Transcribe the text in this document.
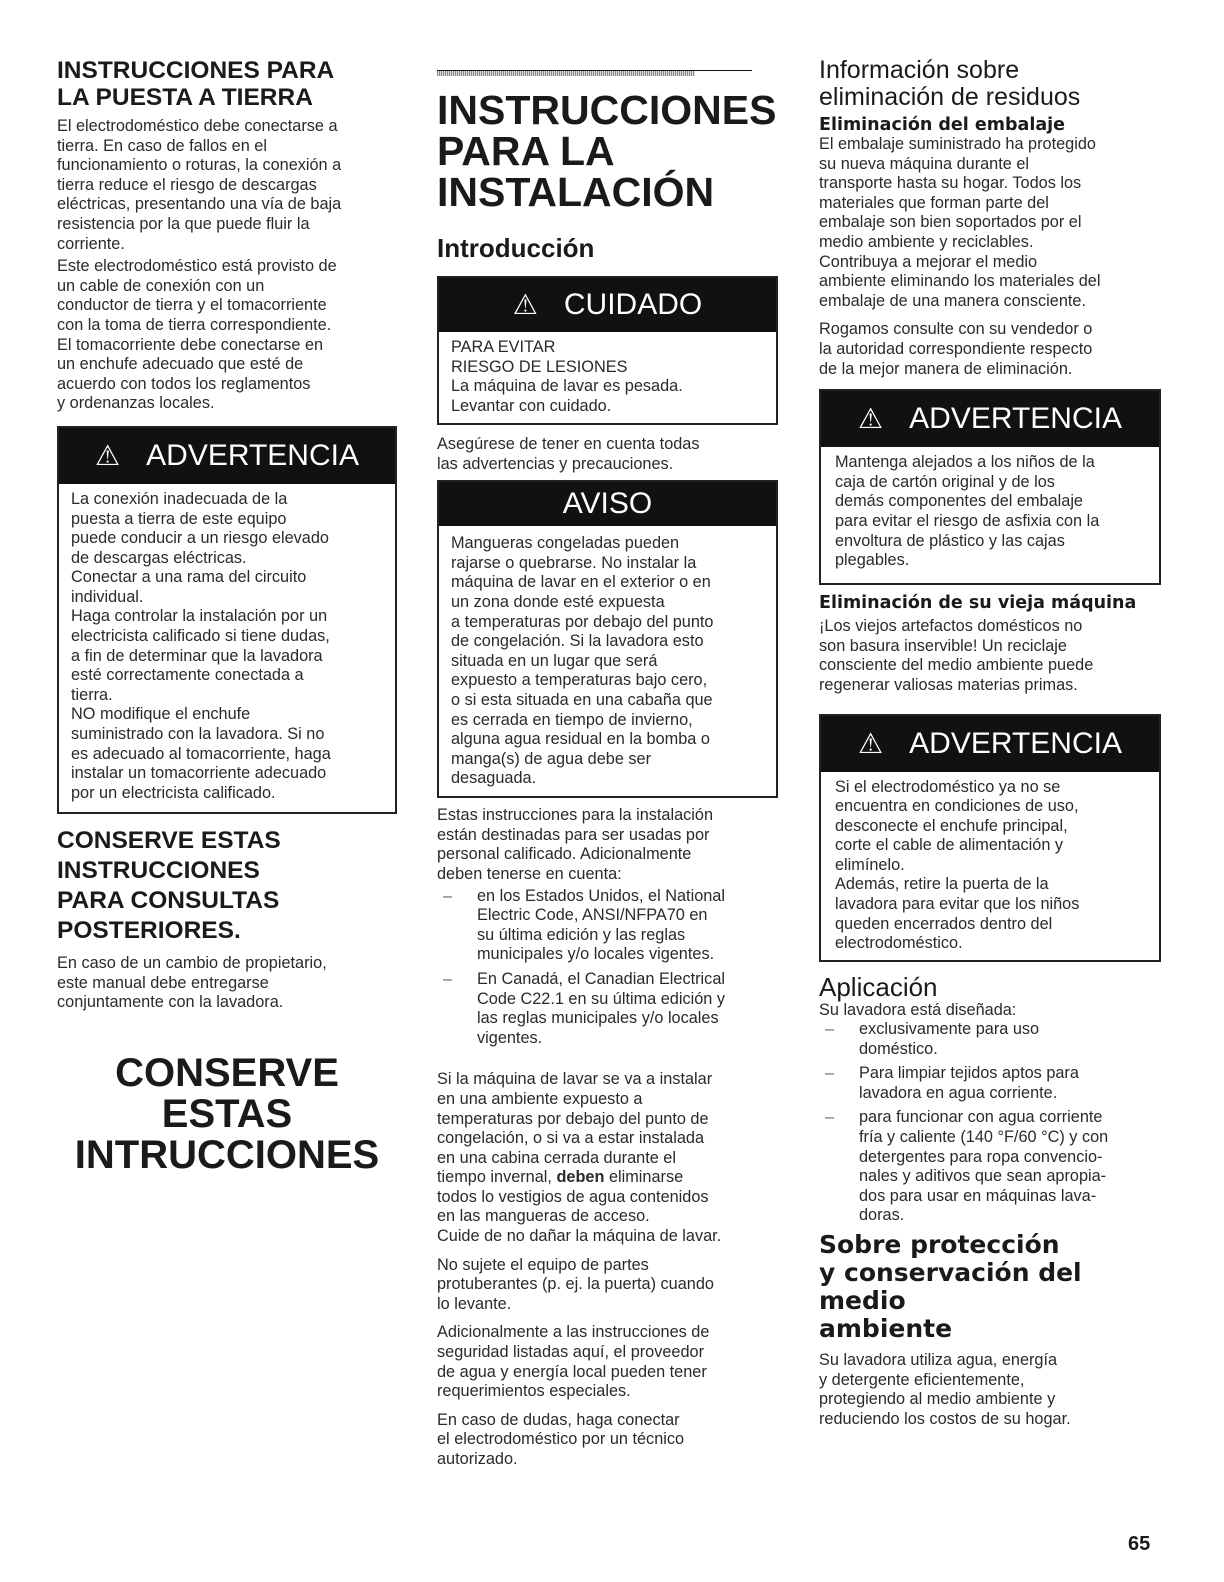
INSTRUCCIONES PARA
LA PUESTA A TIERRA

El electrodoméstico debe conectarse a
tierra. En caso de fallos en el
funcionamiento o roturas, la conexión a
tierra reduce el riesgo de descargas
eléctricas, presentando una vía de baja
resistencia por la que puede fluir la
corriente.

Este electrodoméstico está provisto de
un cable de conexión con un
conductor de tierra y el tomacorriente
con la toma de tierra correspondiente.
El tomacorriente debe conectarse en
un enchufe adecuado que esté de
acuerdo con todos los reglamentos
y ordenanzas locales.

⚠ ADVERTENCIA
La conexión inadecuada de la
puesta a tierra de este equipo
puede conducir a un riesgo elevado
de descargas eléctricas.
Conectar a una rama del circuito
individual.
Haga controlar la instalación por un
electricista calificado si tiene dudas,
a fin de determinar que la lavadora
esté correctamente conectada a
tierra.
NO modifique el enchufe
suministrado con la lavadora. Si no
es adecuado al tomacorriente, haga
instalar un tomacorriente adecuado
por un electricista calificado.
CONSERVE ESTAS
INSTRUCCIONES
PARA CONSULTAS
POSTERIORES.

En caso de un cambio de propietario,
este manual debe entregarse
conjuntamente con la lavadora.

CONSERVE
ESTAS
INTRUCCIONES

INSTRUCCIONES
PARA LA
INSTALACIÓN
Introducción
⚠ CUIDADO
PARA EVITAR
RIESGO DE LESIONES
La máquina de lavar es pesada.
Levantar con cuidado.

Asegúrese de tener en cuenta todas
las advertencias y precauciones.

AVISO
Mangueras congeladas pueden
rajarse o quebrarse. No instalar la
máquina de lavar en el exterior o en
un zona donde esté expuesta
a temperaturas por debajo del punto
de congelación. Si la lavadora esto
situada en un lugar que será
expuesto a temperaturas bajo cero,
o si esta situada en una cabaña que
es cerrada en tiempo de invierno,
alguna agua residual en la bomba o
manga(s) de agua debe ser
desaguada.

Estas instrucciones para la instalación
están destinadas para ser usadas por
personal calificado. Adicionalmente
deben tenerse en cuenta:

– en los Estados Unidos, el National
Electric Code, ANSI/NFPA70 en
su última edición y las reglas
municipales y/o locales vigentes.
– En Canadá, el Canadian Electrical
Code C22.1 en su última edición y
las reglas municipales y/o locales
vigentes.

Si la máquina de lavar se va a instalar
en una ambiente expuesto a
temperaturas por debajo del punto de
congelación, o si va a estar instalada
en una cabina cerrada durante el
tiempo invernal, deben eliminarse
todos lo vestigios de agua contenidos
en las mangueras de acceso.

Cuide de no dañar la máquina de lavar.

No sujete el equipo de partes
protuberantes (p. ej. la puerta) cuando
lo levante.

Adicionalmente a las instrucciones de
seguridad listadas aquí, el proveedor
de agua y energía local pueden tener
requerimientos especiales.

En caso de dudas, haga conectar
el electrodoméstico por un técnico
autorizado.

Información sobre
eliminación de residuos
Eliminación del embalaje

El embalaje suministrado ha protegido
su nueva máquina durante el
transporte hasta su hogar. Todos los
materiales que forman parte del
embalaje son bien soportados por el
medio ambiente y reciclables.
Contribuya a mejorar el medio
ambiente eliminando los materiales del
embalaje de una manera consciente.

Rogamos consulte con su vendedor o
la autoridad correspondiente respecto
de la mejor manera de eliminación.

⚠ ADVERTENCIA
Mantenga alejados a los niños de la
caja de cartón original y de los
demás componentes del embalaje
para evitar el riesgo de asfixia con la
envoltura de plástico y las cajas
plegables.
Eliminación de su vieja máquina

¡Los viejos artefactos domésticos no
son basura inservible! Un reciclaje
consciente del medio ambiente puede
regenerar valiosas materias primas.

⚠ ADVERTENCIA
Si el electrodoméstico ya no se
encuentra en condiciones de uso,
desconecte el enchufe principal,
corte el cable de alimentación y
elimínelo.
Además, retire la puerta de la
lavadora para evitar que los niños
queden encerrados dentro del
electrodoméstico.
Aplicación

Su lavadora está diseñada:

– exclusivamente para uso
doméstico.
– Para limpiar tejidos aptos para
lavadora en agua corriente.
– para funcionar con agua corriente
fría y caliente (140 °F/60 °C) y con
detergentes para ropa convencio-
nales y aditivos que sean apropia-
dos para usar en máquinas lava-
doras.
Sobre protección
y conservación del medio
ambiente

Su lavadora utiliza agua, energía
y detergente eficientemente,
protegiendo al medio ambiente y
reduciendo los costos de su hogar.

65
